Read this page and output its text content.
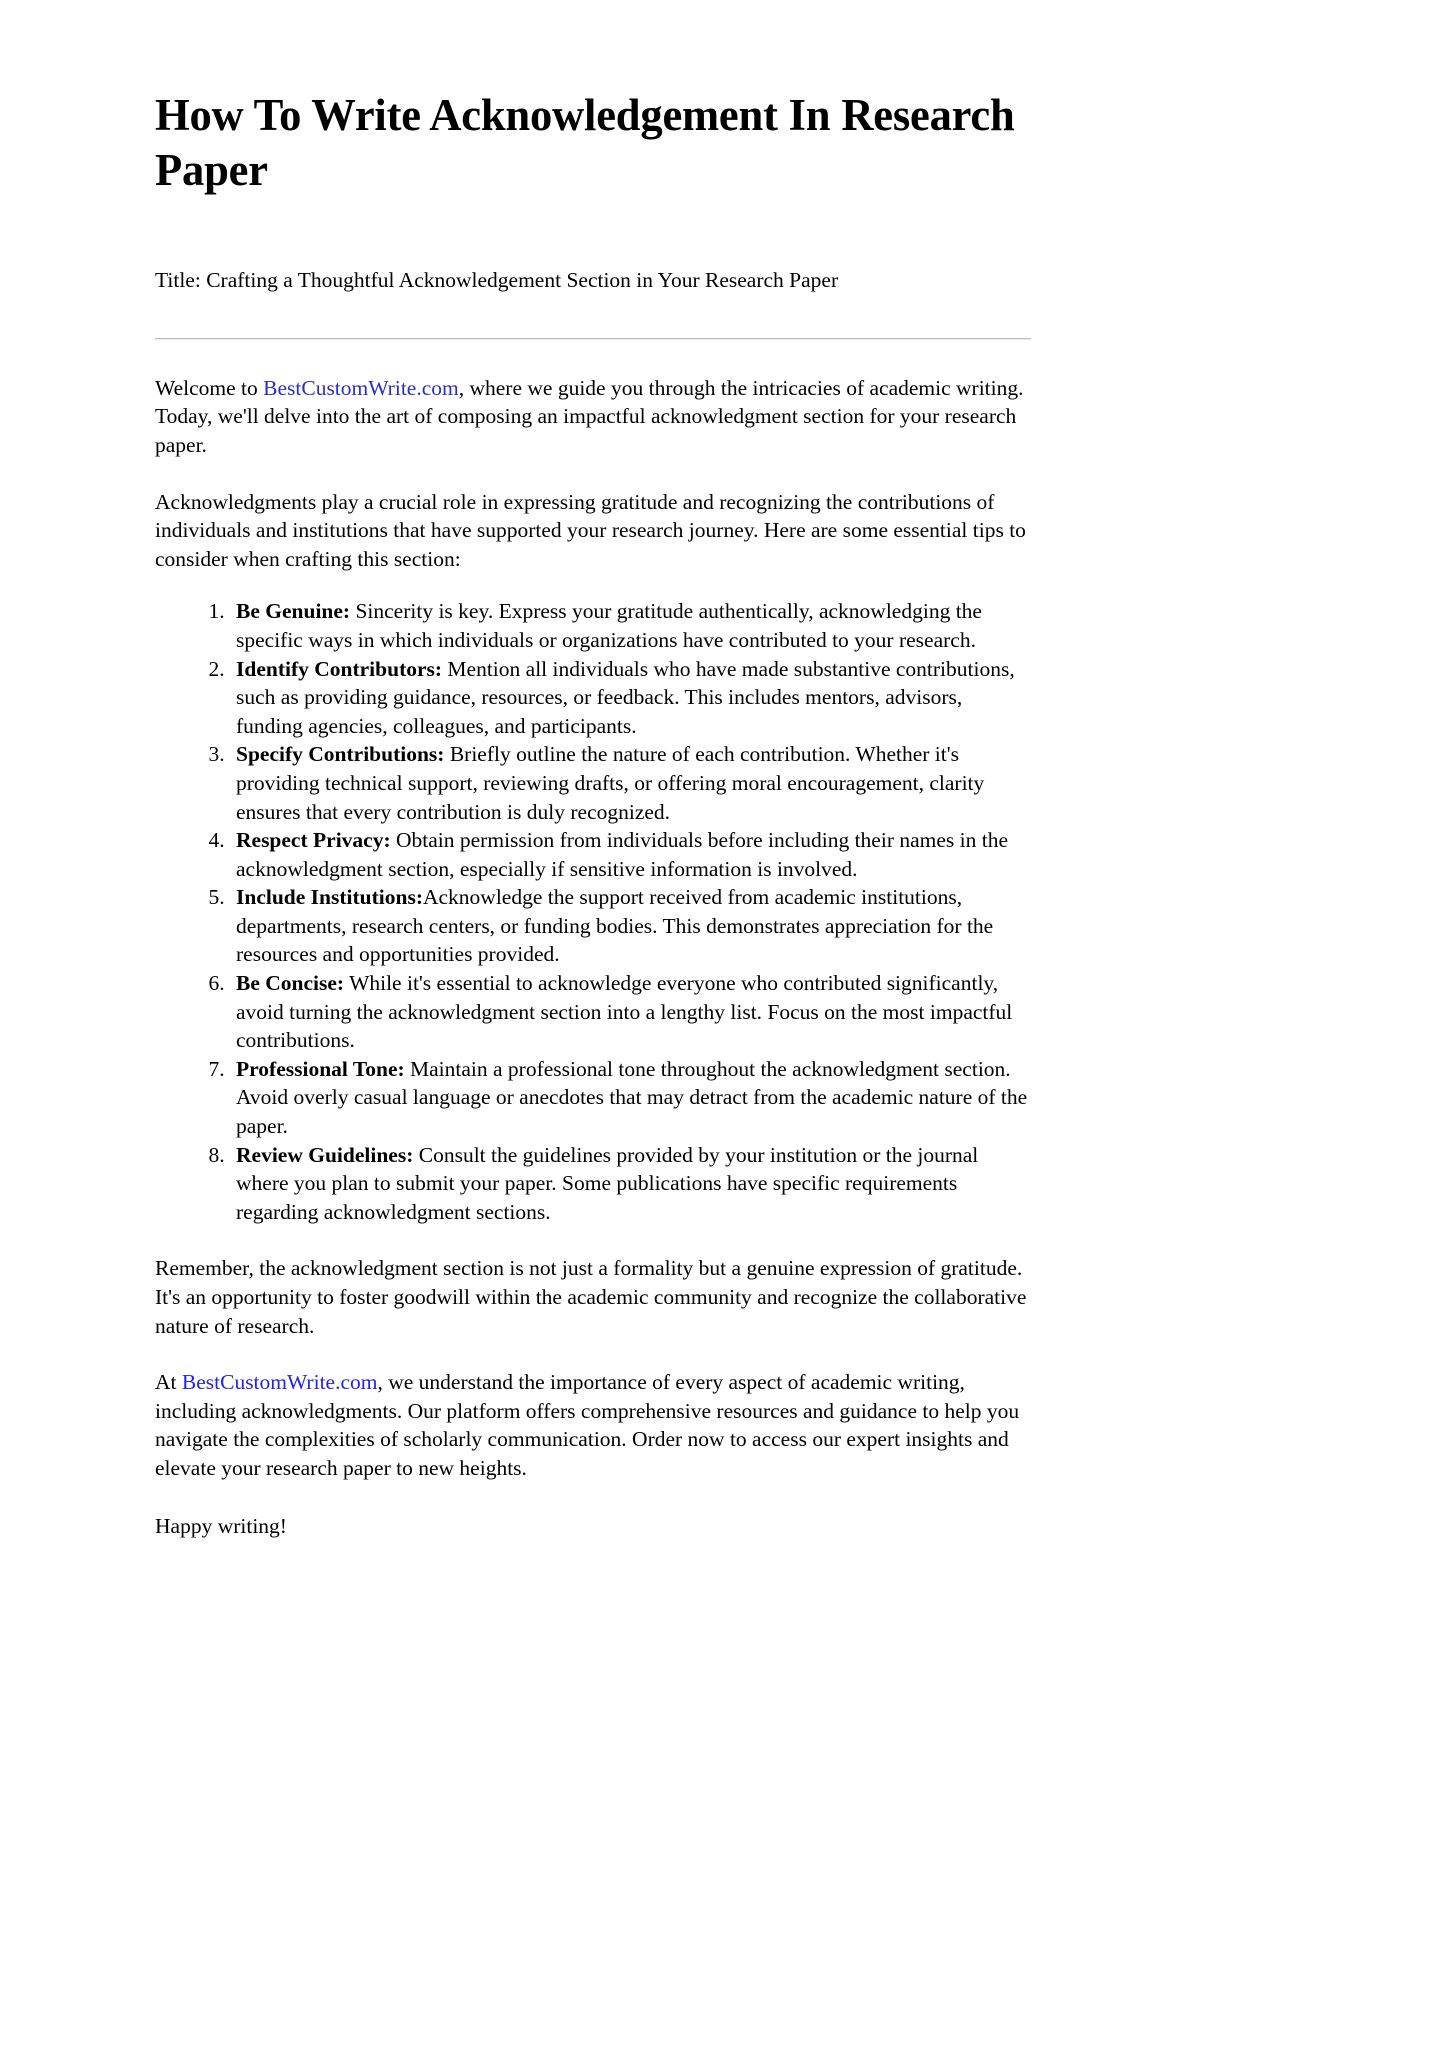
How To Write Acknowledgement In Research Paper

Title: Crafting a Thoughtful Acknowledgement Section in Your Research Paper

Welcome to BestCustomWrite.com, where we guide you through the intricacies of academic writing. Today, we'll delve into the art of composing an impactful acknowledgment section for your research paper.

Acknowledgments play a crucial role in expressing gratitude and recognizing the contributions of individuals and institutions that have supported your research journey. Here are some essential tips to consider when crafting this section:

1. Be Genuine: Sincerity is key. Express your gratitude authentically, acknowledging the specific ways in which individuals or organizations have contributed to your research.
2. Identify Contributors: Mention all individuals who have made substantive contributions, such as providing guidance, resources, or feedback. This includes mentors, advisors, funding agencies, colleagues, and participants.
3. Specify Contributions: Briefly outline the nature of each contribution. Whether it's providing technical support, reviewing drafts, or offering moral encouragement, clarity ensures that every contribution is duly recognized.
4. Respect Privacy: Obtain permission from individuals before including their names in the acknowledgment section, especially if sensitive information is involved.
5. Include Institutions:Acknowledge the support received from academic institutions, departments, research centers, or funding bodies. This demonstrates appreciation for the resources and opportunities provided.
6. Be Concise: While it's essential to acknowledge everyone who contributed significantly, avoid turning the acknowledgment section into a lengthy list. Focus on the most impactful contributions.
7. Professional Tone: Maintain a professional tone throughout the acknowledgment section. Avoid overly casual language or anecdotes that may detract from the academic nature of the paper.
8. Review Guidelines: Consult the guidelines provided by your institution or the journal where you plan to submit your paper. Some publications have specific requirements regarding acknowledgment sections.

Remember, the acknowledgment section is not just a formality but a genuine expression of gratitude. It's an opportunity to foster goodwill within the academic community and recognize the collaborative nature of research.

At BestCustomWrite.com, we understand the importance of every aspect of academic writing, including acknowledgments. Our platform offers comprehensive resources and guidance to help you navigate the complexities of scholarly communication. Order now to access our expert insights and elevate your research paper to new heights.

Happy writing!
